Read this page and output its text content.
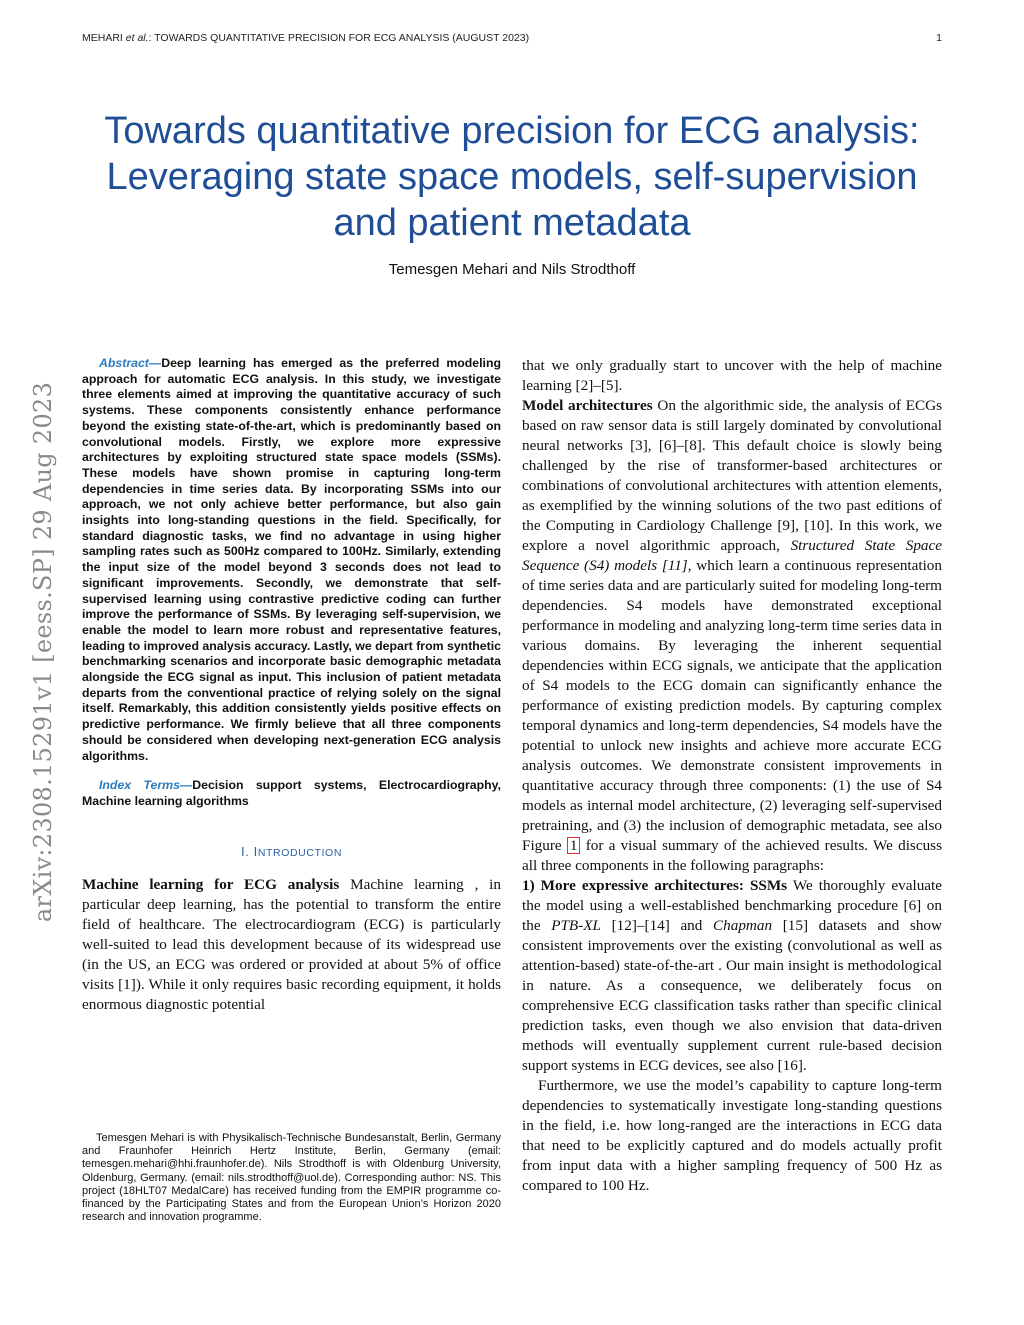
MEHARI et al.: TOWARDS QUANTITATIVE PRECISION FOR ECG ANALYSIS (AUGUST 2023)	1
Towards quantitative precision for ECG analysis:
Leveraging state space models, self-supervision
and patient metadata
Temesgen Mehari and Nils Strodthoff
arXiv:2308.15291v1 [eess.SP] 29 Aug 2023

Abstract—Deep learning has emerged as the preferred modeling approach for automatic ECG analysis. In this study, we investigate three elements aimed at improving the quantitative accuracy of such systems. These components consistently enhance performance beyond the existing state-of-the-art, which is predominantly based on convolutional models. Firstly, we explore more expressive architectures by exploiting structured state space models (SSMs). These models have shown promise in capturing long-term dependencies in time series data. By incorporating SSMs into our approach, we not only achieve better performance, but also gain insights into long-standing questions in the field. Specifically, for standard diagnostic tasks, we find no advantage in using higher sampling rates such as 500Hz compared to 100Hz. Similarly, extending the input size of the model beyond 3 seconds does not lead to significant improvements. Secondly, we demonstrate that self-supervised learning using contrastive predictive coding can further improve the performance of SSMs. By leveraging self-supervision, we enable the model to learn more robust and representative features, leading to improved analysis accuracy. Lastly, we depart from synthetic benchmarking scenarios and incorporate basic demographic metadata alongside the ECG signal as input. This inclusion of patient metadata departs from the conventional practice of relying solely on the signal itself. Remarkably, this addition consistently yields positive effects on predictive performance. We firmly believe that all three components should be considered when developing next-generation ECG analysis algorithms.

Index Terms—Decision support systems, Electrocardiography, Machine learning algorithms

I. INTRODUCTION

Machine learning for ECG analysis Machine learning , in particular deep learning, has the potential to transform the entire field of healthcare. The electrocardiogram (ECG) is particularly well-suited to lead this development because of its widespread use (in the US, an ECG was ordered or provided at about 5% of office visits [1]). While it only requires basic recording equipment, it holds enormous diagnostic potential

Temesgen Mehari is with Physikalisch-Technische Bundesanstalt, Berlin, Germany and Fraunhofer Heinrich Hertz Institute, Berlin, Germany (email: temesgen.mehari@hhi.fraunhofer.de). Nils Strodthoff is with Oldenburg University, Oldenburg, Germany. (email: nils.strodthoff@uol.de). Corresponding author: NS. This project (18HLT07 MedalCare) has received funding from the EMPIR programme co-financed by the Participating States and from the European Union’s Horizon 2020 research and innovation programme.

that we only gradually start to uncover with the help of machine learning [2]–[5].

Model architectures On the algorithmic side, the analysis of ECGs based on raw sensor data is still largely dominated by convolutional neural networks [3], [6]–[8]. This default choice is slowly being challenged by the rise of transformer-based architectures or combinations of convolutional architectures with attention elements, as exemplified by the winning solutions of the two past editions of the Computing in Cardiology Challenge [9], [10]. In this work, we explore a novel algorithmic approach, Structured State Space Sequence (S4) models [11], which learn a continuous representation of time series data and are particularly suited for modeling long-term dependencies. S4 models have demonstrated exceptional performance in modeling and analyzing long-term time series data in various domains. By leveraging the inherent sequential dependencies within ECG signals, we anticipate that the application of S4 models to the ECG domain can significantly enhance the performance of existing prediction models. By capturing complex temporal dynamics and long-term dependencies, S4 models have the potential to unlock new insights and achieve more accurate ECG analysis outcomes. We demonstrate consistent improvements in quantitative accuracy through three components: (1) the use of S4 models as internal model architecture, (2) leveraging self-supervised pretraining, and (3) the inclusion of demographic metadata, see also Figure 1 for a visual summary of the achieved results. We discuss all three components in the following paragraphs:

1) More expressive architectures: SSMs We thoroughly evaluate the model using a well-established benchmarking procedure [6] on the PTB-XL [12]–[14] and Chapman [15] datasets and show consistent improvements over the existing (convolutional as well as attention-based) state-of-the-art . Our main insight is methodological in nature. As a consequence, we deliberately focus on comprehensive ECG classification tasks rather than specific clinical prediction tasks, even though we also envision that data-driven methods will eventually supplement current rule-based decision support systems in ECG devices, see also [16].

Furthermore, we use the model’s capability to capture long-term dependencies to systematically investigate long-standing questions in the field, i.e. how long-ranged are the interactions in ECG data that need to be explicitly captured and do models actually profit from input data with a higher sampling frequency of 500 Hz as compared to 100 Hz.
